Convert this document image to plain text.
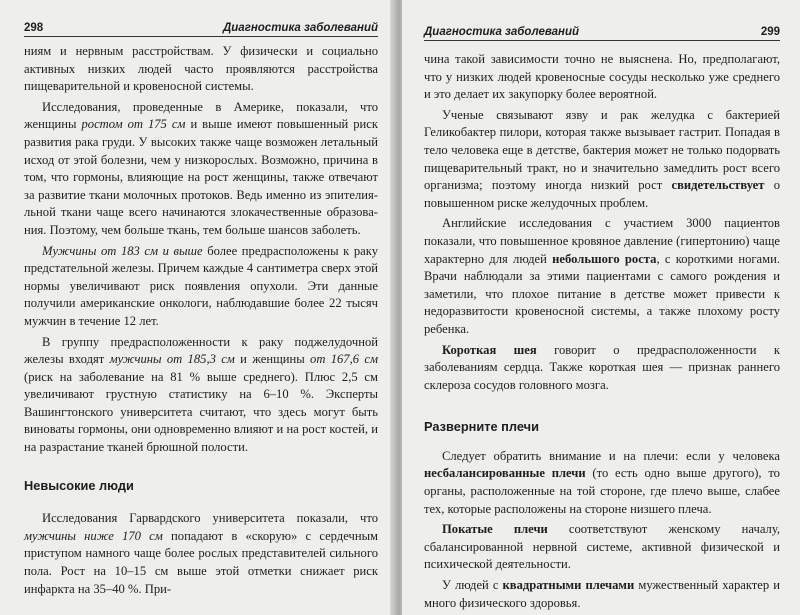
298	Диагностика заболеваний

ниям и нервным расстройствам. У физически и социально активных низких людей часто проявляются расстройства пищеварительной и кровеносной системы.

Исследования, проведенные в Америке, показали, что женщины ростом от 175 см и выше имеют повышенный риск развития рака груди. У высоких также чаще возможен летальный исход от этой болезни, чем у низкорослых. Возможно, причина в том, что гормоны, влияющие на рост женщины, также отвечают за развитие ткани молочных протоков. Ведь именно из эпителияльной ткани чаще всего начинаются злокачественные образования. Поэтому, чем больше ткань, тем больше шансов заболеть.

Мужчины от 183 см и выше более предрасположены к раку предстательной железы. Причем каждые 4 сантиметра сверх этой нормы увеличивают риск появления опухоли. Эти данные получили американские онкологи, наблюдавшие более 22 тысяч мужчин в течение 12 лет.

В группу предрасположенности к раку поджелудочной железы входят мужчины от 185,3 см и женщины от 167,6 см (риск на заболевание на 81 % выше среднего). Плюс 2,5 см увеличивают грустную статистику на 6–10 %. Эксперты Вашингтонского университета считают, что здесь могут быть виноваты гормоны, они одновременно влияют и на рост костей, и на разрастание тканей брюшной полости.

Невысокие люди

Исследования Гарвардского университета показали, что мужчины ниже 170 см попадают в «скорую» с сердечным приступом намного чаще более рослых представителей сильного пола. Рост на 10–15 см выше этой отметки снижает риск инфаркта на 35–40 %. При-

Диагностика заболеваний	299

чина такой зависимости точно не выяснена. Но, предполагают, что у низких людей кровеносные сосуды несколько уже среднего и это делает их закупорку более вероятной.

Ученые связывают язву и рак желудка с бактерией Геликобактер пилори, которая также вызывает гастрит. Попадая в тело человека еще в детстве, бактерия может не только подорвать пищеварительный тракт, но и значительно замедлить рост всего организма; поэтому иногда низкий рост свидетельствует о повышенном риске желудочных проблем.

Английские исследования с участием 3000 пациентов показали, что повышенное кровяное давление (гипертонию) чаще характерно для людей небольшого роста, с короткими ногами. Врачи наблюдали за этими пациентами с самого рождения и заметили, что плохое питание в детстве может привести к недоразвитости кровеносной системы, а также плохому росту ребенка.

Короткая шея говорит о предрасположенности к заболеваниям сердца. Также короткая шея — признак раннего склероза сосудов головного мозга.

Разверните плечи

Следует обратить внимание и на плечи: если у человека несбалансированные плечи (то есть одно выше другого), то органы, расположенные на той стороне, где плечо выше, слабее тех, которые расположены на стороне низшего плеча.

Покатые плечи соответствуют женскому началу, сбалансированной нервной системе, активной физической и психической деятельности.

У людей с квадратными плечами мужественный характер и много физического здоровья.
